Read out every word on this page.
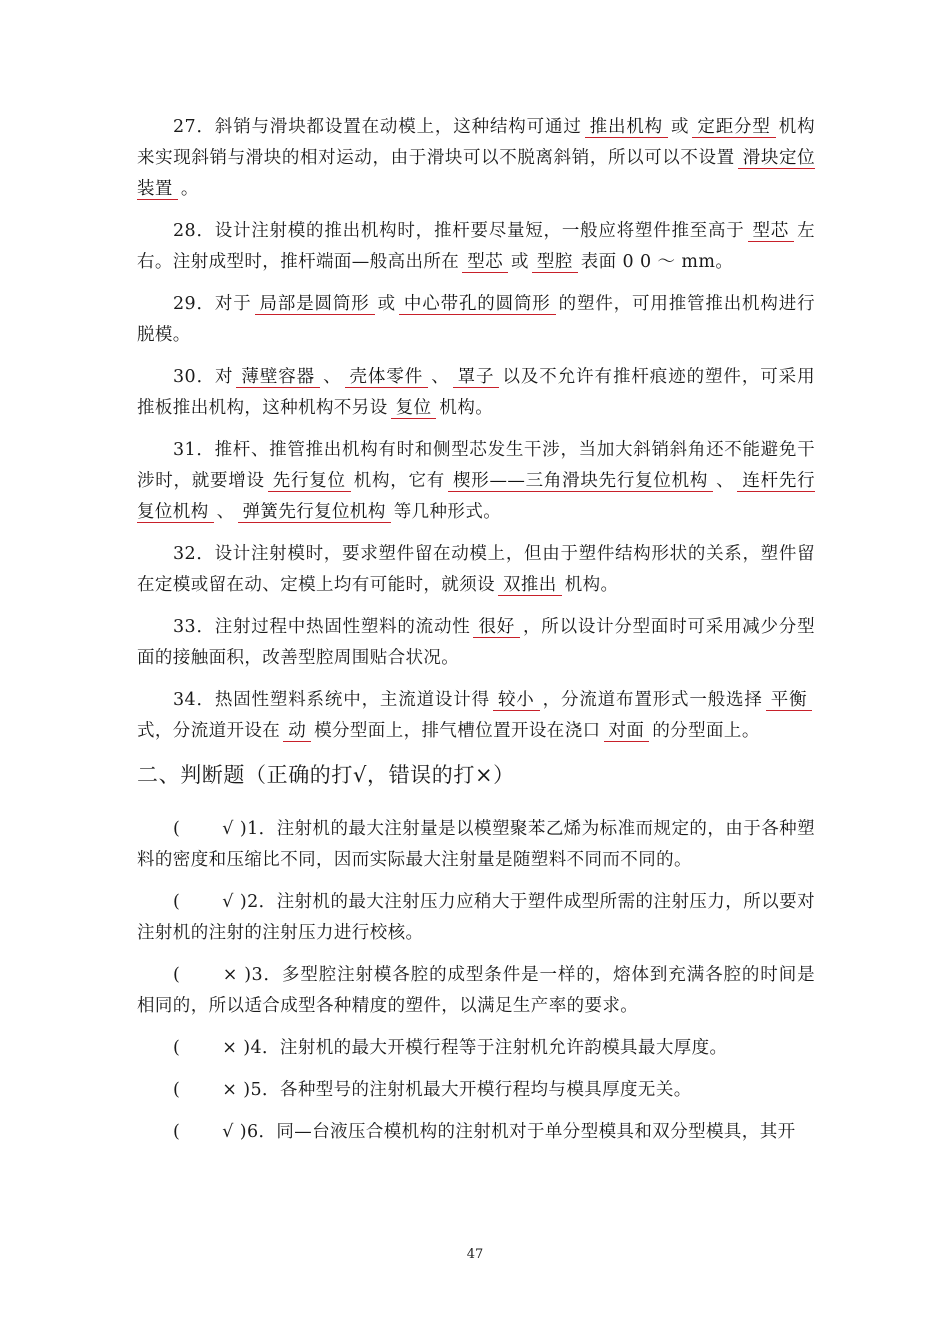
27．斜销与滑块都设置在动模上，这种结构可通过 推出机构 或 定距分型 机构来实现斜销与滑块的相对运动，由于滑块可以不脱离斜销，所以可以不设置 滑块定位装置 。

28．设计注射模的推出机构时，推杆要尽量短，一般应将塑件推至高于 型芯 左右。注射成型时，推杆端面—般高出所在 型芯 或 型腔 表面 0 0 ～ mm。

29．对于 局部是圆筒形 或 中心带孔的圆筒形 的塑件，可用推管推出机构进行脱模。

30．对 薄壁容器 、 壳体零件 、 罩子 以及不允许有推杆痕迹的塑件，可采用推板推出机构，这种机构不另设 复位 机构。

31．推杆、推管推出机构有时和侧型芯发生干涉，当加大斜销斜角还不能避免干涉时，就要增设 先行复位 机构，它有 楔形——三角滑块先行复位机构 、 连杆先行复位机构 、 弹簧先行复位机构 等几种形式。

32．设计注射模时，要求塑件留在动模上，但由于塑件结构形状的关系，塑件留在定模或留在动、定模上均有可能时，就须设 双推出 机构。

33．注射过程中热固性塑料的流动性 很好 ，所以设计分型面时可采用减少分型面的接触面积，改善型腔周围贴合状况。

34．热固性塑料系统中，主流道设计得 较小 ，分流道布置形式一般选择 平衡式，分流道开设在 动 模分型面上，排气槽位置开设在浇口 对面 的分型面上。

二、判断题（正确的打√，错误的打×）

( √ )1．注射机的最大注射量是以模塑聚苯乙烯为标准而规定的，由于各种塑料的密度和压缩比不同，因而实际最大注射量是随塑料不同而不同的。

( √ )2．注射机的最大注射压力应稍大于塑件成型所需的注射压力，所以要对注射机的注射的注射压力进行校核。

( × )3．多型腔注射模各腔的成型条件是一样的，熔体到充满各腔的时间是相同的，所以适合成型各种精度的塑件，以满足生产率的要求。

( × )4．注射机的最大开模行程等于注射机允许韵模具最大厚度。

( × )5．各种型号的注射机最大开模行程均与模具厚度无关。

( √ )6．同—台液压合模机构的注射机对于单分型模具和双分型模具，其开

47
